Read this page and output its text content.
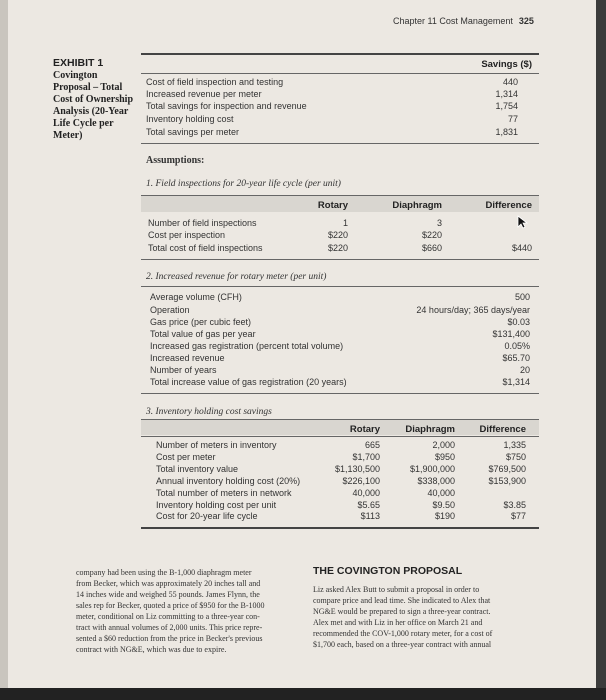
Chapter 11 Cost Management 325
EXHIBIT 1

Covington Proposal – Total Cost of Ownership Analysis (20-Year Life Cycle per Meter)
Savings ($)
Cost of field inspection and testing	440
Increased revenue per meter	1,314
Total savings for inspection and revenue	1,754
Inventory holding cost	77
Total savings per meter	1,831
Assumptions:
1. Field inspections for 20-year life cycle (per unit)
Rotary	Diaphragm	Difference
Number of field inspections	1	3
Cost per inspection	$220	$220
Total cost of field inspections	$220	$660	$440
2. Increased revenue for rotary meter (per unit)
Average volume (CFH)	500
Operation	24 hours/day; 365 days/year
Gas price (per cubic feet)	$0.03
Total value of gas per year	$131,400
Increased gas registration (percent total volume)	0.05%
Increased revenue	$65.70
Number of years	20
Total increase value of gas registration (20 years)	$1,314
3. Inventory holding cost savings
Rotary	Diaphragm	Difference
Number of meters in inventory	665	2,000	1,335
Cost per meter	$1,700	$950	$750
Total inventory value	$1,130,500	$1,900,000	$769,500
Annual inventory holding cost (20%)	$226,100	$338,000	$153,900
Total number of meters in network	40,000	40,000
Inventory holding cost per unit	$5.65	$9.50	$3.85
Cost for 20-year life cycle	$113	$190	$77
company had been using the B-1,000 diaphragm meter
from Becker, which was approximately 20 inches tall and
14 inches wide and weighed 55 pounds. James Flynn, the
sales rep for Becker, quoted a price of $950 for the B-1000
meter, conditional on Liz committing to a three-year con-
tract with annual volumes of 2,000 units. This price repre-
sented a $60 reduction from the price in Becker's previous
contract with NG&E, which was due to expire.
THE COVINGTON PROPOSAL
Liz asked Alex Butt to submit a proposal in order to
compare price and lead time. She indicated to Alex that
NG&E would be prepared to sign a three-year contract.
Alex met and with Liz in her office on March 21 and
recommended the COV-1,000 rotary meter, for a cost of
$1,700 each, based on a three-year contract with annual
